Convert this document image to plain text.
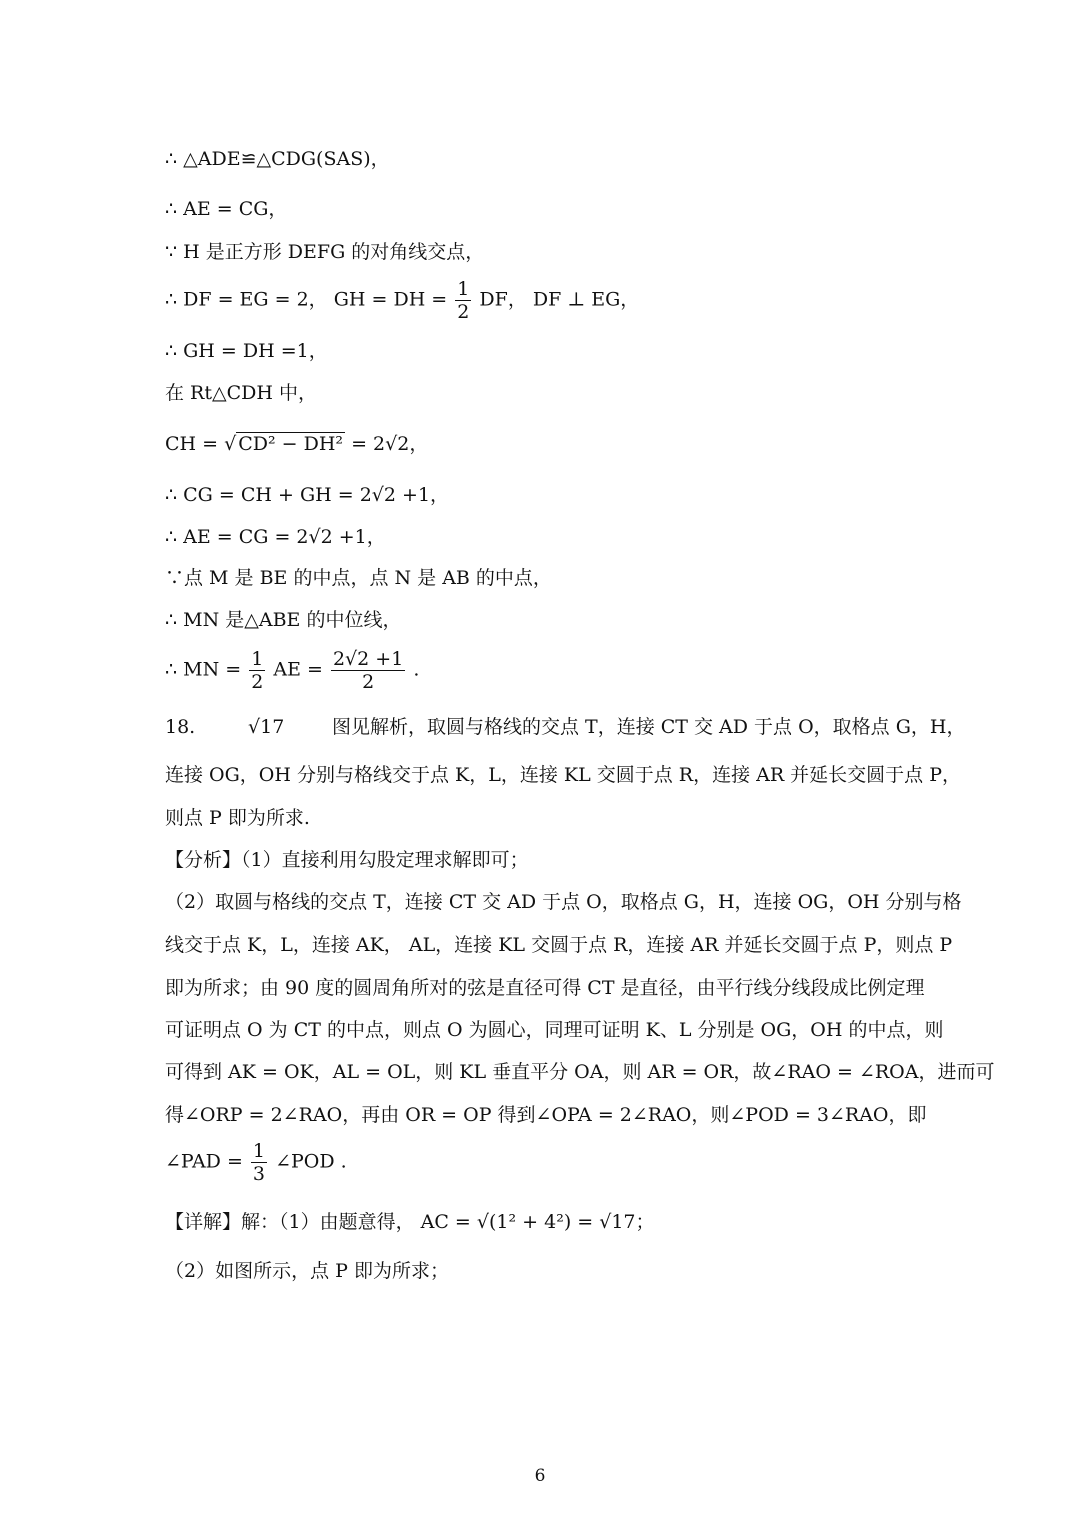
∴ △ADE≌△CDG(SAS)，
∴ AE = CG，
∵ H 是正方形 DEFG 的对角线交点，
∴ DF = EG = 2， GH = DH = $\frac{1}{2}$ DF， DF ⊥ EG，
∴ GH = DH =1，
在 Rt△CDH 中，
CH = √ CD² − DH² = 2√2，
∴ CG = CH + GH = 2√2 +1，
∴ AE = CG = 2√2 +1，
∵点 M 是 BE 的中点，点 N 是 AB 的中点，
∴ MN 是△ABE 的中位线，
∴ MN = $\frac{1}{2}$ AE = $\frac{2√2 +1}{2}$ .
18.	√17	图见解析，取圆与格线的交点 T，连接 CT 交 AD 于点 O，取格点 G，H，
连接 OG，OH 分别与格线交于点 K，L，连接 KL 交圆于点 R，连接 AR 并延长交圆于点 P，
则点 P 即为所求.
【分析】（1）直接利用勾股定理求解即可；
（2）取圆与格线的交点 T，连接 CT 交 AD 于点 O，取格点 G，H，连接 OG，OH 分别与格
线交于点 K，L，连接 AK， AL，连接 KL 交圆于点 R，连接 AR 并延长交圆于点 P，则点 P
即为所求；由 90 度的圆周角所对的弦是直径可得 CT 是直径，由平行线分线段成比例定理
可证明点 O 为 CT 的中点，则点 O 为圆心，同理可证明 K、L 分别是 OG，OH 的中点，则
可得到 AK = OK，AL = OL，则 KL 垂直平分 OA，则 AR = OR，故∠RAO = ∠ROA，进而可
得∠ORP = 2∠RAO，再由 OR = OP 得到∠OPA = 2∠RAO，则∠POD = 3∠RAO，即
∠PAD = $\frac{1}{3}$ ∠POD .
【详解】解：（1）由题意得， AC = √(1² + 4²) = √17；
（2）如图所示，点 P 即为所求；
6
